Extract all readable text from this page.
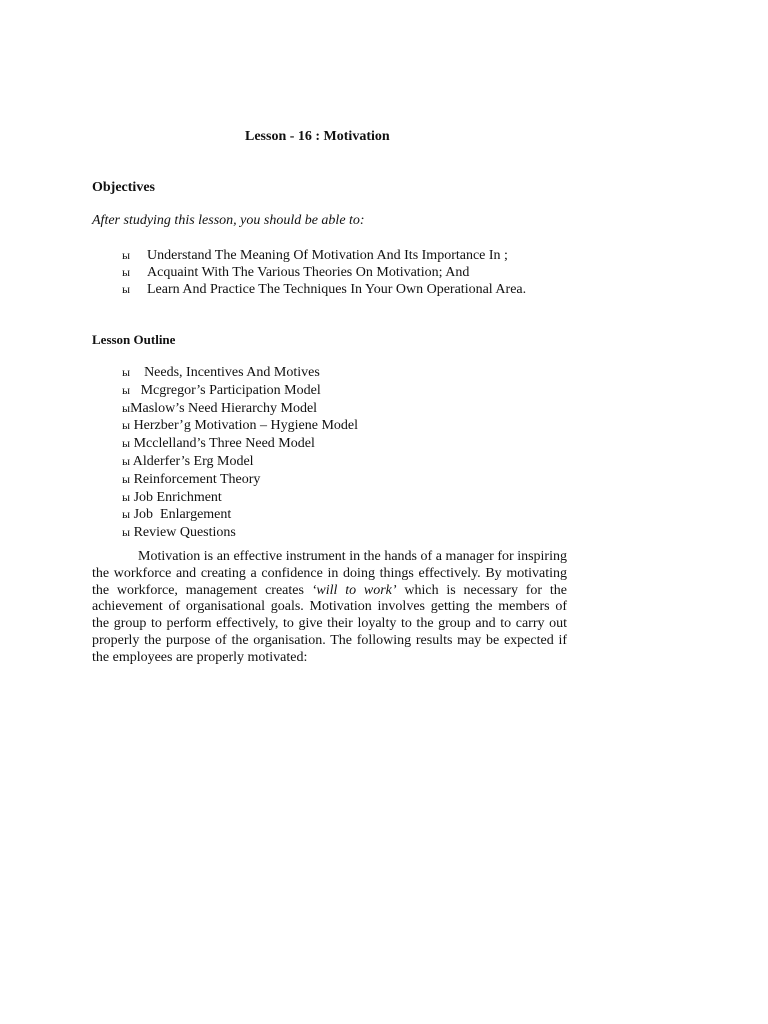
Lesson - 16 : Motivation
Objectives
After studying this lesson, you should be able to:
ы	Understand The Meaning Of Motivation And Its Importance In ;
ы	Acquaint With The Various Theories On Motivation; And
ы	Learn And Practice The Techniques In Your Own Operational Area.
Lesson Outline
ы    Needs, Incentives And Motives
ы   Mcgregor’s Participation Model
ыMaslow’s Need Hierarchy Model
ы Herzber’g Motivation – Hygiene Model
ы Mcclelland’s Three Need Model
ы Alderfer’s Erg Model
ы Reinforcement Theory
ы Job Enrichment
ы Job  Enlargement
ы Review Questions

Motivation is an effective instrument in the hands of a manager for inspiring the workforce and creating a confidence in doing things effectively. By motivating the workforce, management creates ‘will to work’ which is necessary for the achievement of organisational goals. Motivation involves getting the members of the group to perform effectively, to give their loyalty to the group and to carry out properly the purpose of the organisation. The following results may be expected if the employees are properly motivated:
